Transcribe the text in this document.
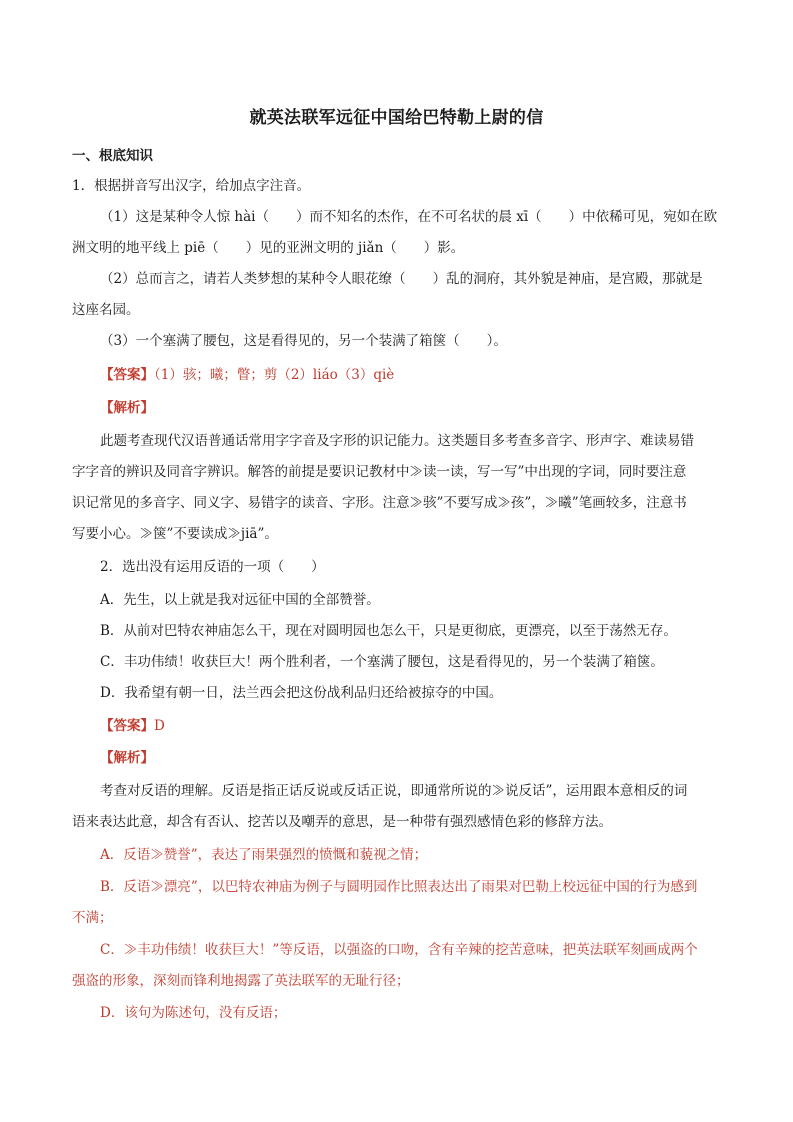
就英法联军远征中国给巴特勒上尉的信
一、根底知识
1．根据拼音写出汉字，给加点字注音。
（1）这是某种令人惊 hài（　　）而不知名的杰作，在不可名状的晨 xī（　　）中依稀可见，宛如在欧
洲文明的地平线上 piē（　　）见的亚洲文明的 jiǎn（　　）影。
（2）总而言之，请若人类梦想的某种令人眼花缭（　　）乱的洞府，其外貌是神庙，是宫殿，那就是
这座名园。
（3）一个塞满了腰包，这是看得见的，另一个装满了箱箧（　　）。
【答案】（1）骇；曦；瞥；剪（2）liáo（3）qiè
【解析】
此题考查现代汉语普通话常用字字音及字形的识记能力。这类题目多考查多音字、形声字、难读易错
字字音的辨识及同音字辨识。解答的前提是要识记教材中≫读一读，写一写”中出现的字词，同时要注意
识记常见的多音字、同义字、易错字的读音、字形。注意≫骇”不要写成≫孩”，≫曦”笔画较多，注意书
写要小心。≫箧”不要读成≫jiā”。
2．选出没有运用反语的一项（　　）
A．先生，以上就是我对远征中国的全部赞誉。
B．从前对巴特农神庙怎么干，现在对圆明园也怎么干，只是更彻底，更漂亮，以至于荡然无存。
C．丰功伟绩！收获巨大！两个胜利者，一个塞满了腰包，这是看得见的，另一个装满了箱箧。
D．我希望有朝一日，法兰西会把这份战利品归还给被掠夺的中国。
【答案】D
【解析】
考查对反语的理解。反语是指正话反说或反话正说，即通常所说的≫说反话”，运用跟本意相反的词
语来表达此意，却含有否认、挖苦以及嘲弄的意思，是一种带有强烈感情色彩的修辞方法。
A．反语≫赞誉”，表达了雨果强烈的愤慨和藐视之情；
B．反语≫漂亮”，以巴特农神庙为例子与圆明园作比照表达出了雨果对巴勒上校远征中国的行为感到
不满；
C．≫丰功伟绩！收获巨大！”等反语，以强盗的口吻，含有辛辣的挖苦意味，把英法联军刻画成两个
强盗的形象，深刻而锋利地揭露了英法联军的无耻行径；
D．该句为陈述句，没有反语；
